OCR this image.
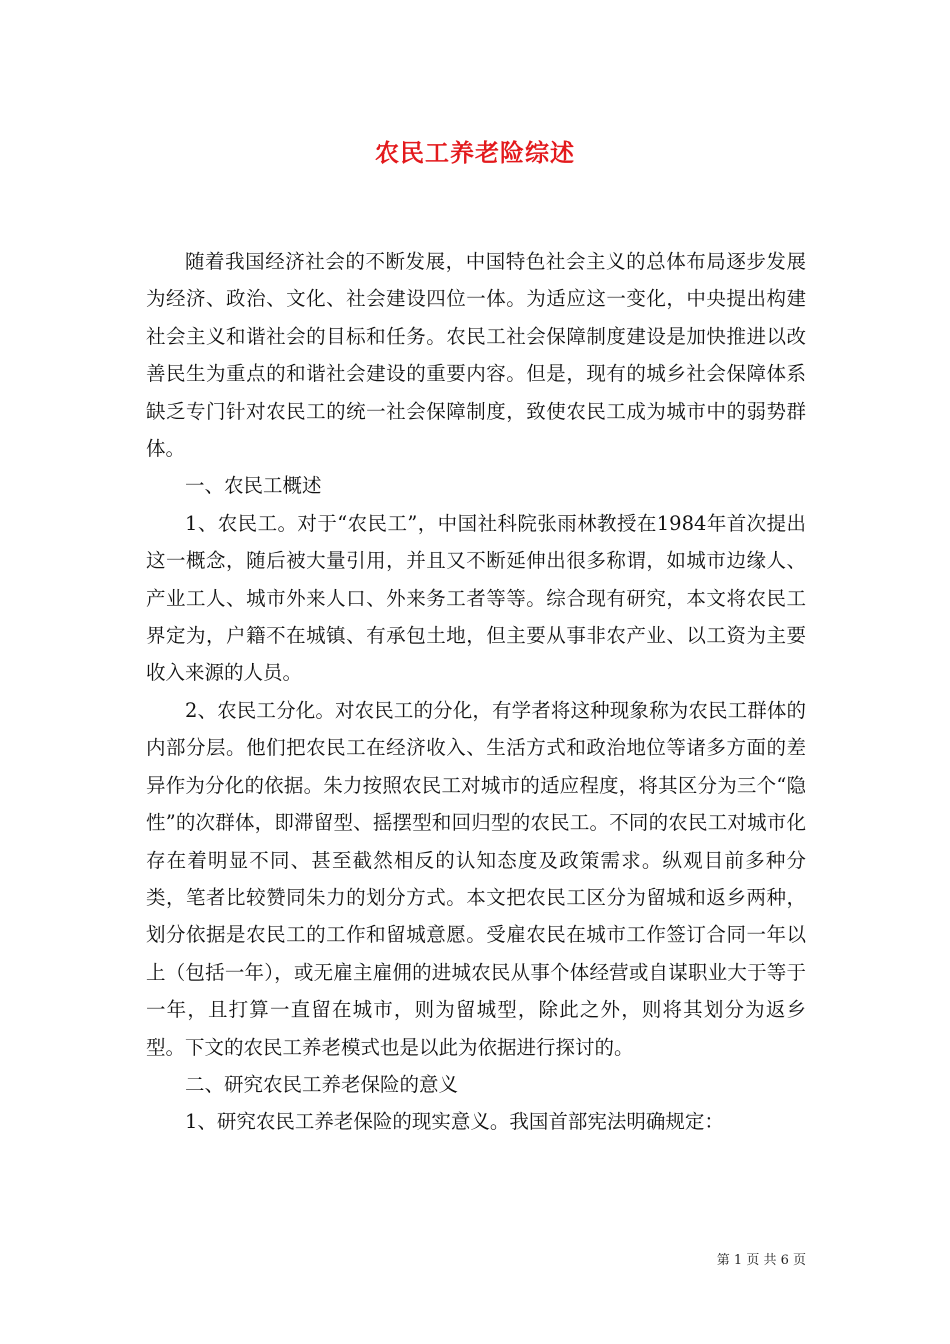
农民工养老险综述

随着我国经济社会的不断发展，中国特色社会主义的总体布局逐步发展为经济、政治、文化、社会建设四位一体。为适应这一变化，中央提出构建社会主义和谐社会的目标和任务。农民工社会保障制度建设是加快推进以改善民生为重点的和谐社会建设的重要内容。但是，现有的城乡社会保障体系缺乏专门针对农民工的统一社会保障制度，致使农民工成为城市中的弱势群体。

一、农民工概述

1、农民工。对于“农民工”，中国社科院张雨林教授在1984年首次提出这一概念，随后被大量引用，并且又不断延伸出很多称谓，如城市边缘人、产业工人、城市外来人口、外来务工者等等。综合现有研究，本文将农民工界定为，户籍不在城镇、有承包土地，但主要从事非农产业、以工资为主要收入来源的人员。

2、农民工分化。对农民工的分化，有学者将这种现象称为农民工群体的内部分层。他们把农民工在经济收入、生活方式和政治地位等诸多方面的差异作为分化的依据。朱力按照农民工对城市的适应程度，将其区分为三个“隐性”的次群体，即滞留型、摇摆型和回归型的农民工。不同的农民工对城市化存在着明显不同、甚至截然相反的认知态度及政策需求。纵观目前多种分类，笔者比较赞同朱力的划分方式。本文把农民工区分为留城和返乡两种，划分依据是农民工的工作和留城意愿。受雇农民在城市工作签订合同一年以上（包括一年），或无雇主雇佣的进城农民从事个体经营或自谋职业大于等于一年，且打算一直留在城市，则为留城型，除此之外，则将其划分为返乡型。下文的农民工养老模式也是以此为依据进行探讨的。

二、研究农民工养老保险的意义

1、研究农民工养老保险的现实意义。我国首部宪法明确规定：

第 1 页 共 6 页
